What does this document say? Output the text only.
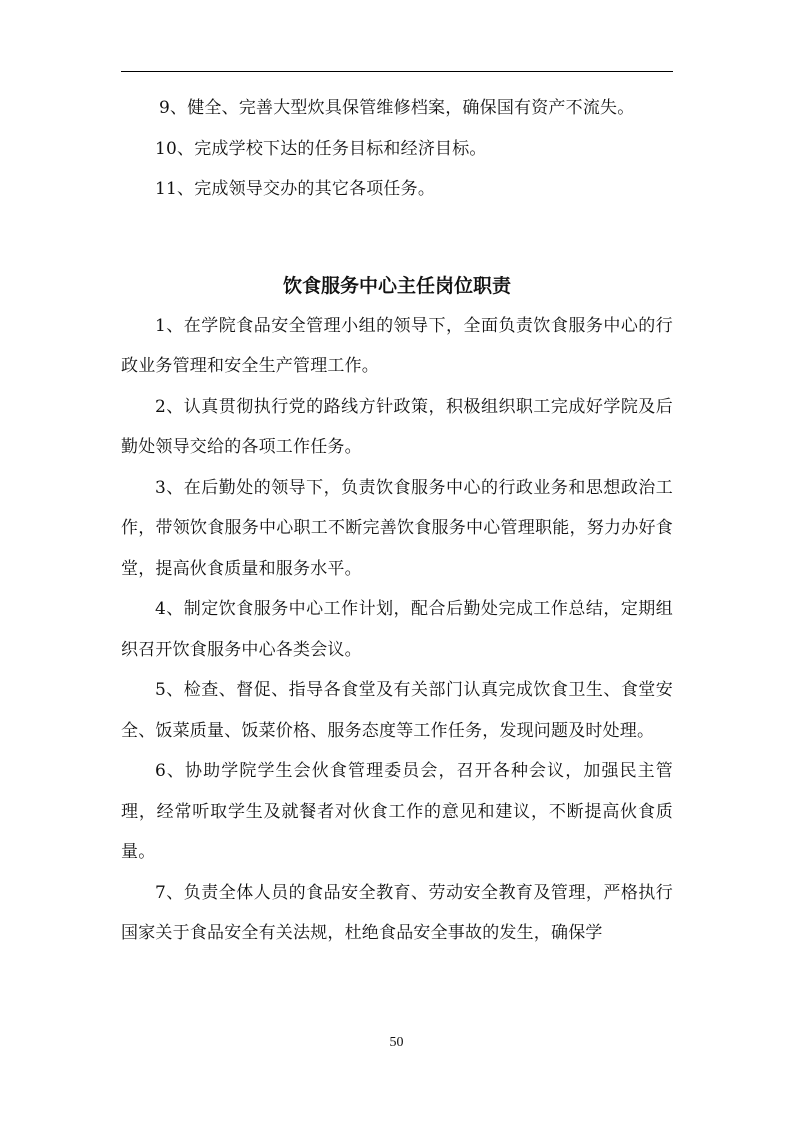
9、健全、完善大型炊具保管维修档案，确保国有资产不流失。

10、完成学校下达的任务目标和经济目标。

11、完成领导交办的其它各项任务。

饮食服务中心主任岗位职责

1、在学院食品安全管理小组的领导下，全面负责饮食服务中心的行政业务管理和安全生产管理工作。

2、认真贯彻执行党的路线方针政策，积极组织职工完成好学院及后勤处领导交给的各项工作任务。

3、在后勤处的领导下，负责饮食服务中心的行政业务和思想政治工作，带领饮食服务中心职工不断完善饮食服务中心管理职能，努力办好食堂，提高伙食质量和服务水平。

4、制定饮食服务中心工作计划，配合后勤处完成工作总结，定期组织召开饮食服务中心各类会议。

5、检查、督促、指导各食堂及有关部门认真完成饮食卫生、食堂安全、饭菜质量、饭菜价格、服务态度等工作任务，发现问题及时处理。

6、协助学院学生会伙食管理委员会，召开各种会议，加强民主管理，经常听取学生及就餐者对伙食工作的意见和建议，不断提高伙食质量。

7、负责全体人员的食品安全教育、劳动安全教育及管理，严格执行国家关于食品安全有关法规，杜绝食品安全事故的发生，确保学

50
